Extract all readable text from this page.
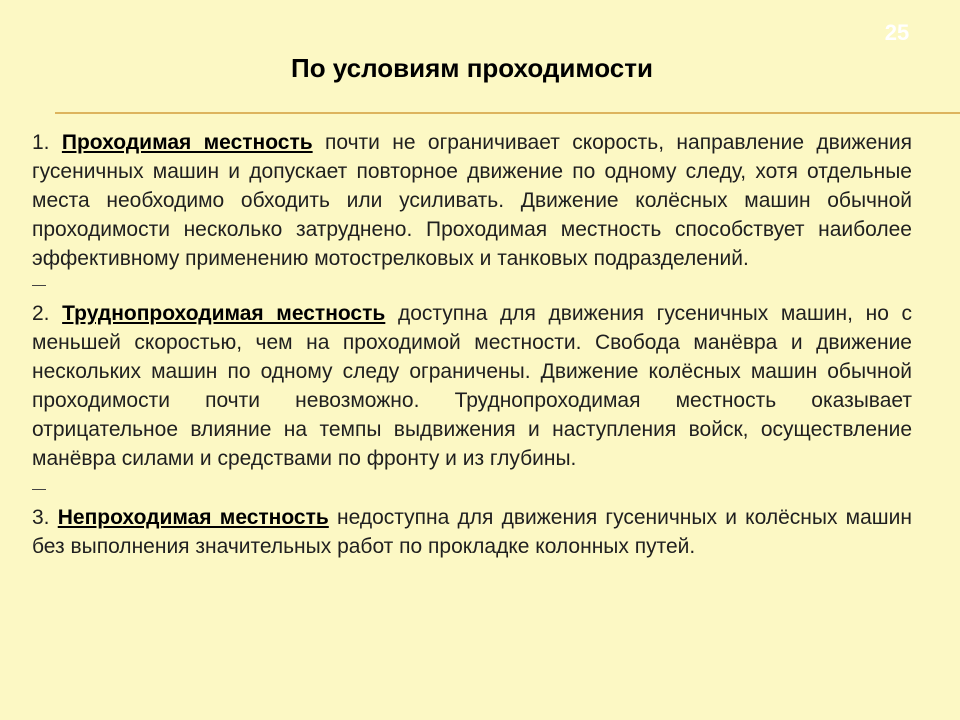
25
По условиям проходимости

1. Проходимая местность почти не ограничивает скорость, направление движения гусеничных машин и допускает повторное движение по одному следу, хотя отдельные места необходимо обходить или усиливать. Движение колёсных машин обычной проходимости несколько затруднено. Проходимая местность способствует наиболее эффективному применению мотострелковых и танковых подразделений.

2. Труднопроходимая местность доступна для движения гусеничных машин, но с меньшей скоростью, чем на проходимой местности. Свобода манёвра и движение нескольких машин по одному следу ограничены. Движение колёсных машин обычной проходимости почти невозможно. Труднопроходимая местность оказывает отрицательное влияние на темпы выдвижения и наступления войск, осуществление манёвра силами и средствами по фронту и из глубины.

3. Непроходимая местность недоступна для движения гусеничных и колёсных машин без выполнения значительных работ по прокладке колонных путей.
